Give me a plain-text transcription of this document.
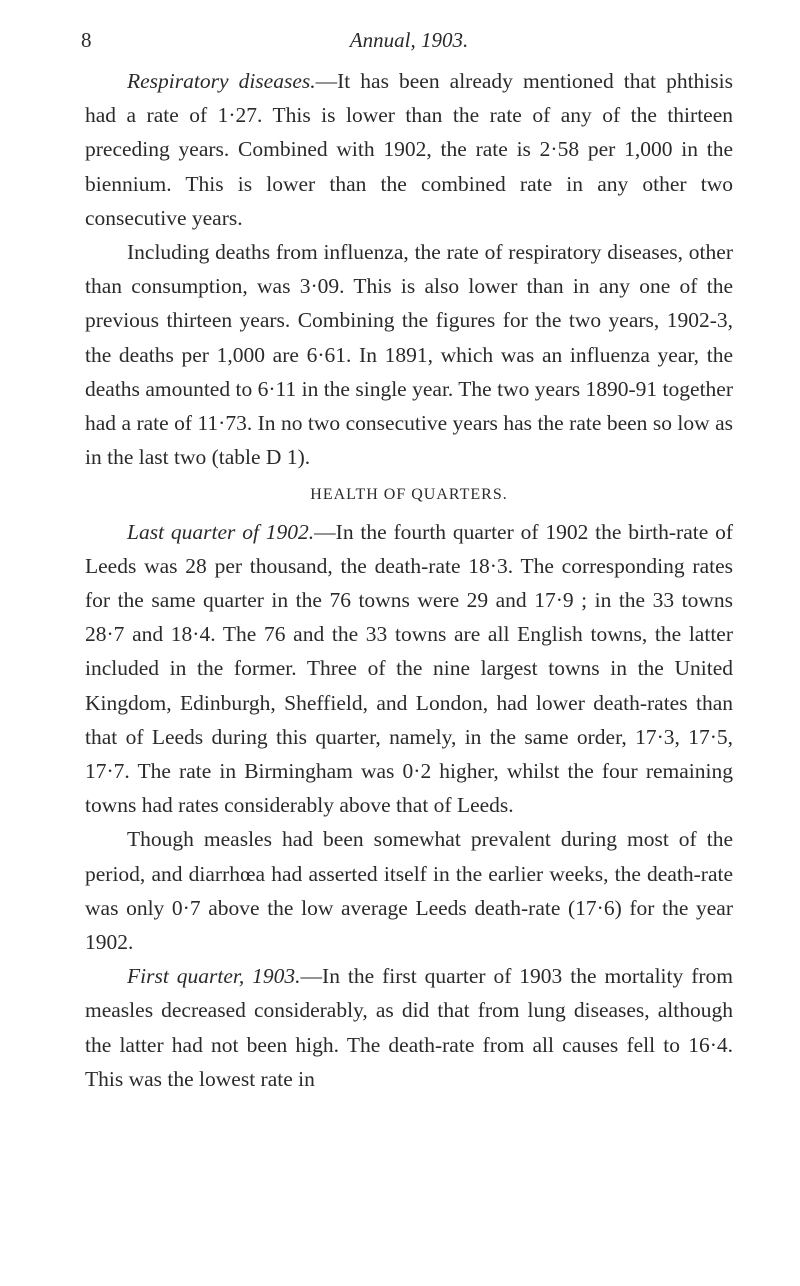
8	Annual, 1903.

Respiratory diseases.—It has been already mentioned that phthisis had a rate of 1·27. This is lower than the rate of any of the thirteen preceding years. Combined with 1902, the rate is 2·58 per 1,000 in the biennium. This is lower than the combined rate in any other two consecutive years.

Including deaths from influenza, the rate of respiratory diseases, other than consumption, was 3·09. This is also lower than in any one of the previous thirteen years. Combining the figures for the two years, 1902-3, the deaths per 1,000 are 6·61. In 1891, which was an influenza year, the deaths amounted to 6·11 in the single year. The two years 1890-91 together had a rate of 11·73. In no two consecutive years has the rate been so low as in the last two (table D 1).

HEALTH OF QUARTERS.

Last quarter of 1902.—In the fourth quarter of 1902 the birth-rate of Leeds was 28 per thousand, the death-rate 18·3. The corresponding rates for the same quarter in the 76 towns were 29 and 17·9 ; in the 33 towns 28·7 and 18·4. The 76 and the 33 towns are all English towns, the latter included in the former. Three of the nine largest towns in the United Kingdom, Edinburgh, Sheffield, and London, had lower death-rates than that of Leeds during this quarter, namely, in the same order, 17·3, 17·5, 17·7. The rate in Birmingham was 0·2 higher, whilst the four remaining towns had rates considerably above that of Leeds.

Though measles had been somewhat prevalent during most of the period, and diarrhœa had asserted itself in the earlier weeks, the death-rate was only 0·7 above the low average Leeds death-rate (17·6) for the year 1902.

First quarter, 1903.—In the first quarter of 1903 the mortality from measles decreased considerably, as did that from lung diseases, although the latter had not been high. The death-rate from all causes fell to 16·4. This was the lowest rate in
